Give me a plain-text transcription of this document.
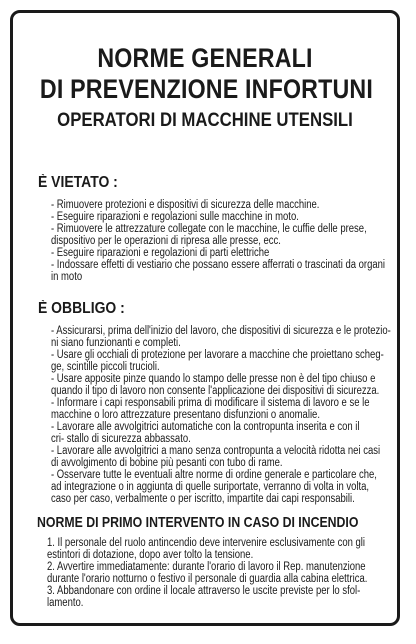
NORME GENERALI
DI PREVENZIONE INFORTUNI
OPERATORI DI MACCHINE UTENSILI
È VIETATO :
- Rimuovere protezioni e dispositivi di sicurezza delle macchine.
- Eseguire riparazioni e regolazioni sulle macchine in moto.
- Rimuovere le attrezzature collegate con le macchine, le cuffie delle prese,
dispositivo per le operazioni di ripresa alle presse, ecc.
- Eseguire riparazioni e regolazioni di parti elettriche
- Indossare effetti di vestiario che possano essere afferrati o trascinati da organi
in moto
È OBBLIGO :
- Assicurarsi, prima dell'inizio del lavoro, che dispositivi di sicurezza e le protezio-
ni siano funzionanti e completi.
- Usare gli occhiali di protezione per lavorare a macchine che proiettano scheg-
ge, scintille piccoli trucioli.
- Usare apposite pinze quando lo stampo delle presse non è del tipo chiuso e
quando il tipo di lavoro non consente l'applicazione dei dispositivi di sicurezza.
- Informare i capi responsabili prima di modificare il sistema di lavoro e se le
macchine o loro attrezzature presentano disfunzioni o anomalie.
- Lavorare alle avvolgitrici automatiche con la contropunta inserita e con il
cri- stallo di sicurezza abbassato.
- Lavorare alle avvolgitrici a mano senza contropunta a velocità ridotta nei casi
di avvolgimento di bobine più pesanti con tubo di rame.
- Osservare tutte le eventuali altre norme di ordine generale e particolare che,
ad integrazione o in aggiunta di quelle suriportate, verranno di volta in volta,
caso per caso, verbalmente o per iscritto, impartite dai capi responsabili.
NORME DI PRIMO INTERVENTO IN CASO DI INCENDIO
1. Il personale del ruolo antincendio deve intervenire esclusivamente con gli
estintori di dotazione, dopo aver tolto la tensione.
2. Avvertire immediatamente: durante l'orario di lavoro il Rep. manutenzione
durante l'orario notturno o festivo il personale di guardia alla cabina elettrica.
3. Abbandonare con ordine il locale attraverso le uscite previste per lo sfol-
lamento.
